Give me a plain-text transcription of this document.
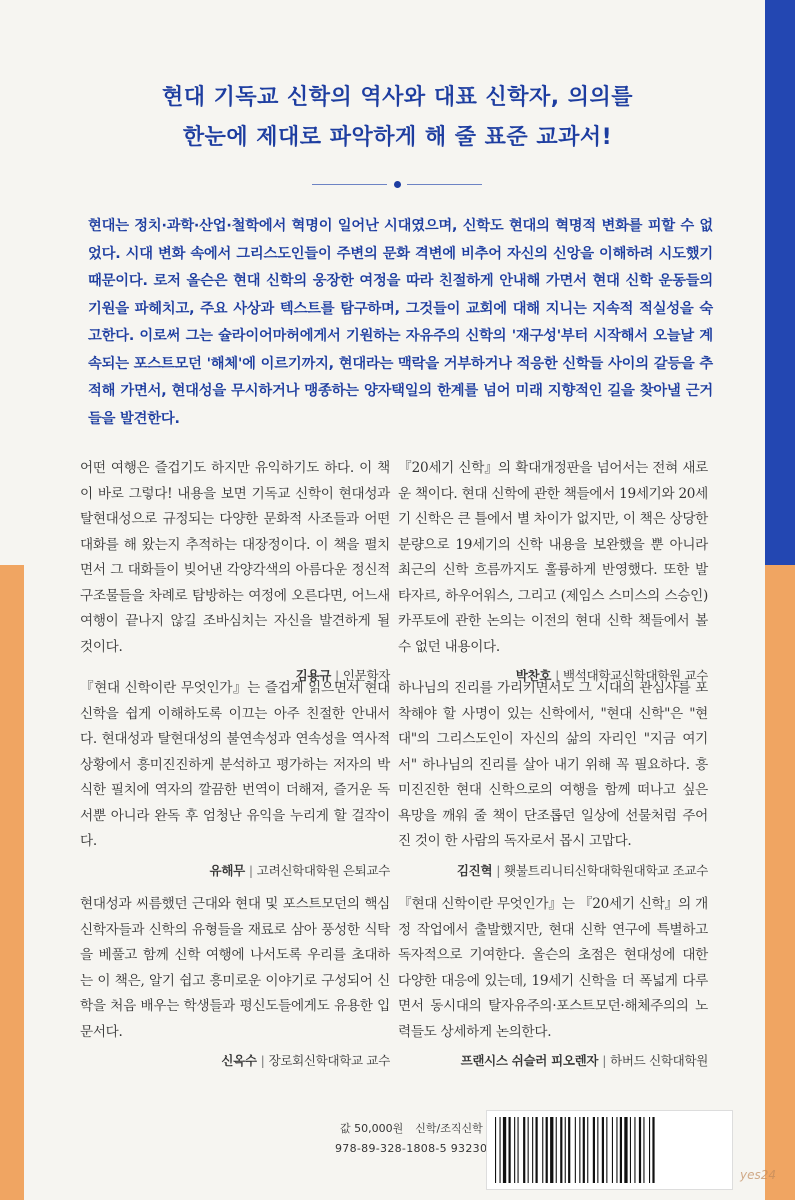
현대 기독교 신학의 역사와 대표 신학자, 의의를
한눈에 제대로 파악하게 해 줄 표준 교과서!
현대는 정치·과학·산업·철학에서 혁명이 일어난 시대였으며, 신학도 현대의 혁명적 변화를 피할 수 없었다. 시대 변화 속에서 그리스도인들이 주변의 문화 격변에 비추어 자신의 신앙을 이해하려 시도했기 때문이다. 로저 올슨은 현대 신학의 웅장한 여정을 따라 친절하게 안내해 가면서 현대 신학 운동들의 기원을 파헤치고, 주요 사상과 텍스트를 탐구하며, 그것들이 교회에 대해 지니는 지속적 적실성을 숙고한다. 이로써 그는 슐라이어마허에게서 기원하는 자유주의 신학의 '재구성'부터 시작해서 오늘날 계속되는 포스트모던 '해체'에 이르기까지, 현대라는 맥락을 거부하거나 적응한 신학들 사이의 갈등을 추적해 가면서, 현대성을 무시하거나 맹종하는 양자택일의 한계를 넘어 미래 지향적인 길을 찾아낼 근거들을 발견한다.
어떤 여행은 즐겁기도 하지만 유익하기도 하다. 이 책이 바로 그렇다! 내용을 보면 기독교 신학이 현대성과 탈현대성으로 규정되는 다양한 문화적 사조들과 어떤 대화를 해 왔는지 추적하는 대장정이다. 이 책을 펼치면서 그 대화들이 빚어낸 각양각색의 아름다운 정신적 구조물들을 차례로 탐방하는 여정에 오른다면, 어느새 여행이 끝나지 않길 조바심치는 자신을 발견하게 될 것이다.
김용규 | 인문학자
『20세기 신학』의 확대개정판을 넘어서는 전혀 새로운 책이다. 현대 신학에 관한 책들에서 19세기와 20세기 신학은 큰 틀에서 별 차이가 없지만, 이 책은 상당한 분량으로 19세기의 신학 내용을 보완했을 뿐 아니라 최근의 신학 흐름까지도 훌륭하게 반영했다. 또한 발타자르, 하우어워스, 그리고 (제임스 스미스의 스승인) 카푸토에 관한 논의는 이전의 현대 신학 책들에서 볼 수 없던 내용이다.
박찬호 | 백석대학교신학대학원 교수
『현대 신학이란 무엇인가』는 즐겁게 읽으면서 현대 신학을 쉽게 이해하도록 이끄는 아주 친절한 안내서다. 현대성과 탈현대성의 불연속성과 연속성을 역사적 상황에서 흥미진진하게 분석하고 평가하는 저자의 박식한 필치에 역자의 깔끔한 번역이 더해져, 즐거운 독서뿐 아니라 완독 후 엄청난 유익을 누리게 할 걸작이다.
유해무 | 고려신학대학원 은퇴교수
하나님의 진리를 가리키면서도 그 시대의 관심사를 포착해야 할 사명이 있는 신학에서, "현대 신학"은 "현대"의 그리스도인이 자신의 삶의 자리인 "지금 여기서" 하나님의 진리를 살아 내기 위해 꼭 필요하다. 흥미진진한 현대 신학으로의 여행을 함께 떠나고 싶은 욕망을 깨워 줄 책이 단조롭던 일상에 선물처럼 주어진 것이 한 사람의 독자로서 몹시 고맙다.
김진혁 | 횃불트리니티신학대학원대학교 조교수
현대성과 씨름했던 근대와 현대 및 포스트모던의 핵심 신학자들과 신학의 유형들을 재료로 삼아 풍성한 식탁을 베풀고 함께 신학 여행에 나서도록 우리를 초대하는 이 책은, 알기 쉽고 흥미로운 이야기로 구성되어 신학을 처음 배우는 학생들과 평신도들에게도 유용한 입문서다.
신옥수 | 장로회신학대학교 교수
『현대 신학이란 무엇인가』는 『20세기 신학』의 개정 작업에서 출발했지만, 현대 신학 연구에 특별하고 독자적으로 기여한다. 올슨의 초점은 현대성에 대한 다양한 대응에 있는데, 19세기 신학을 더 폭넓게 다루면서 동시대의 탈자유주의·포스트모던·해체주의의 노력들도 상세하게 논의한다.
프랜시스 쉬슬러 피오렌자 | 하버드 신학대학원
값 50,000원 신학/조직신학
978-89-328-1808-5 93230
yes24
